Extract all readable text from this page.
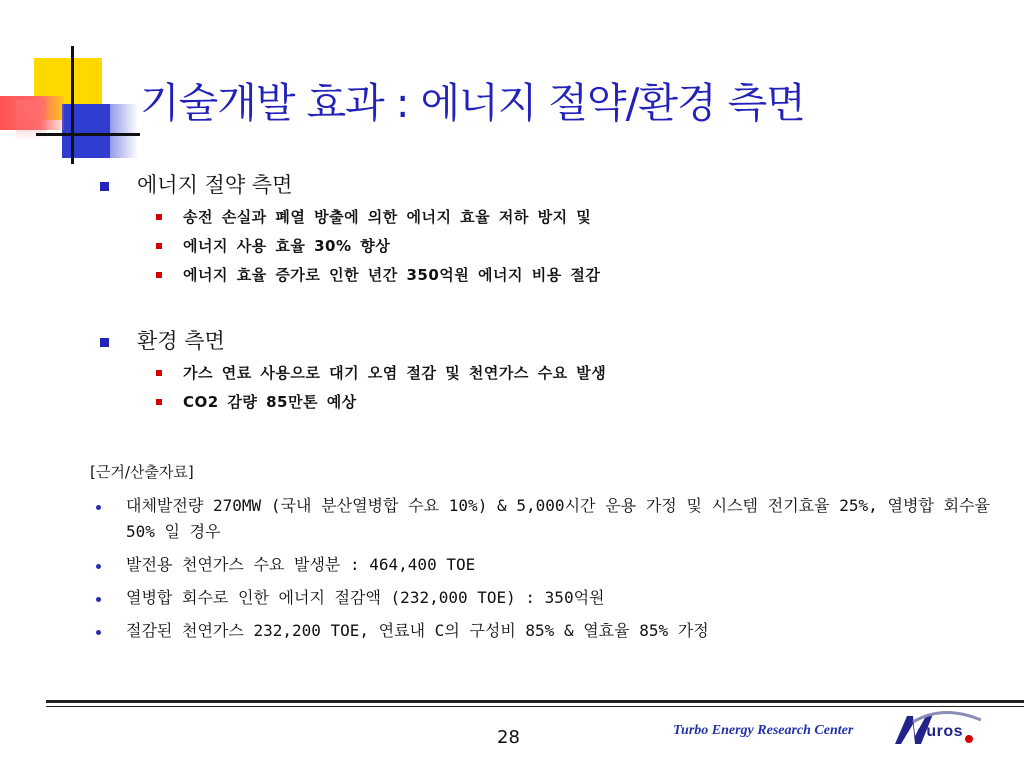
기술개발 효과 : 에너지 절약/환경 측면
에너지 절약 측면
송전 손실과 폐열 방출에 의한 에너지 효율 저하 방지 및
에너지 사용 효율 30% 향상
에너지 효율 증가로 인한 년간 350억원 에너지 비용 절감
환경 측면
가스 연료 사용으로 대기 오염 절감 및 천연가스 수요 발생
CO2 감량 85만톤 예상
[근거/산출자료]
대체발전량 270MW (국내 분산열병합 수요 10%) & 5,000시간 운용 가정 및 시스템 전기효율 25%, 열병합 회수율 50% 일 경우
발전용 천연가스 수요 발생분 : 464,400 TOE
열병합 회수로 인한 에너지 절감액 (232,000 TOE) : 350억원
절감된 천연가스 232,200 TOE, 연료내 C의 구성비 85% & 열효율 85% 가정
28	Turbo Energy Research Center	euros
